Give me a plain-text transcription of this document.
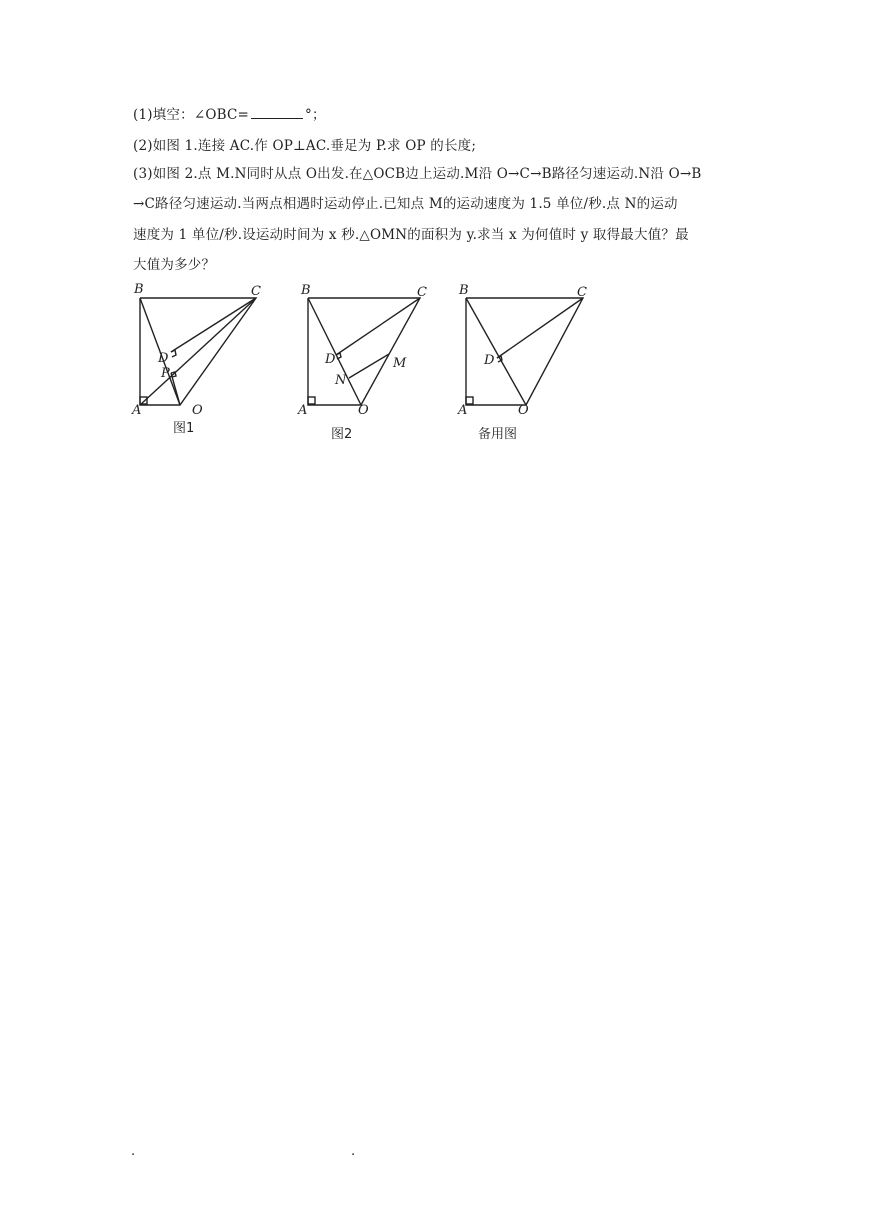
(1)填空：∠OBC=	°；
(2)如图 1.连接 AC.作 OP⊥AC.垂足为 P.求 OP 的长度;
(3)如图 2.点 M.N同时从点 O出发.在△OCB边上运动.M沿 O→C→B路径匀速运动.N沿 O→B
→C路径匀速运动.当两点相遇时运动停止.已知点 M的运动速度为 1.5 单位/秒.点 N的运动
速度为 1 单位/秒.设运动时间为 x 秒.△OMN的面积为 y.求当 x 为何值时 y 取得最大值？最
大值为多少？
B	C
D
P
A	O
B	C
D	M
N
A	O
B	C
D
A	O
图1	图2	备用图
.	.
